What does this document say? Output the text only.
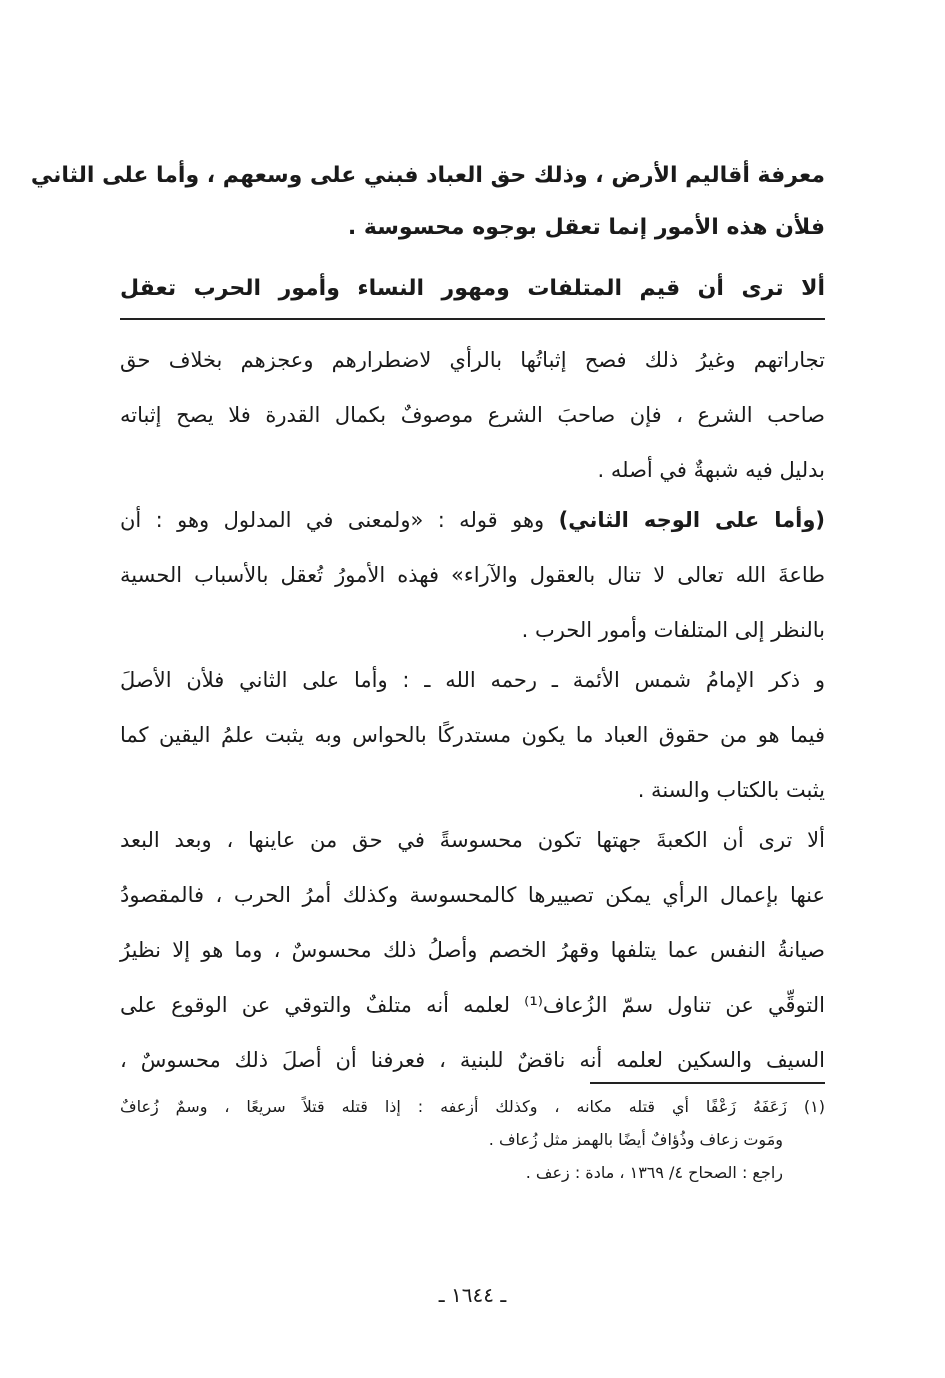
معرفة أقاليم الأرض ، وذلك حق العباد فبني على وسعهم ، وأما على الثاني
فلأن هذه الأمور إنما تعقل بوجوه محسوسة .
ألا ترى أن قيم المتلفات ومهور النساء وأمور الحرب تعقل
تجاراتهم وغيرُ ذلك فصح إثباتُها بالرأي لاضطرارهم وعجزهم بخلاف حق
صاحب الشرع ، فإن صاحبَ الشرع موصوفٌ بكمال القدرة فلا يصح إثباته
بدليل فيه شبهةٌ في أصله .
(وأما على الوجه الثاني) وهو قوله : «ولمعنى في المدلول وهو : أن
طاعةَ الله تعالى لا تنال بالعقول والآراء» فهذه الأمورُ تُعقل بالأسباب الحسية
بالنظر إلى المتلفات وأمور الحرب .
و ذكر الإمامُ شمس الأئمة ـ رحمه الله ـ : وأما على الثاني فلأن الأصلَ
فيما هو من حقوق العباد ما يكون مستدركًا بالحواس وبه يثبت علمُ اليقين كما
يثبت بالكتاب والسنة .
ألا ترى أن الكعبةَ جهتها تكون محسوسةً في حق من عاينها ، وبعد البعد
عنها بإعمال الرأي يمكن تصييرها كالمحسوسة وكذلك أمرُ الحرب ، فالمقصودُ
صيانةُ النفس عما يتلفها وقهرُ الخصم وأصلُ ذلك محسوسٌ ، وما هو إلا نظيرُ
التوقِّي عن تناول سمّ الزُعاف⁽¹⁾ لعلمه أنه متلفٌ والتوقي عن الوقوع على
السيف والسكين لعلمه أنه ناقضٌ للبنية ، فعرفنا أن أصلَ ذلك محسوسٌ ،
(١) زَعَفَهُ زَعْفًا أي قتله مكانه ، وكذلك أزعفه : إذا قتله قتلاً سريعًا ، وسمٌ زُعافٌ
ومَوت زعاف وذُؤافٌ أيضًا بالهمز مثل زُعاف .
راجع : الصحاح ٤/ ١٣٦٩ ، مادة : زعف .
ـ ١٦٤٤ ـ
